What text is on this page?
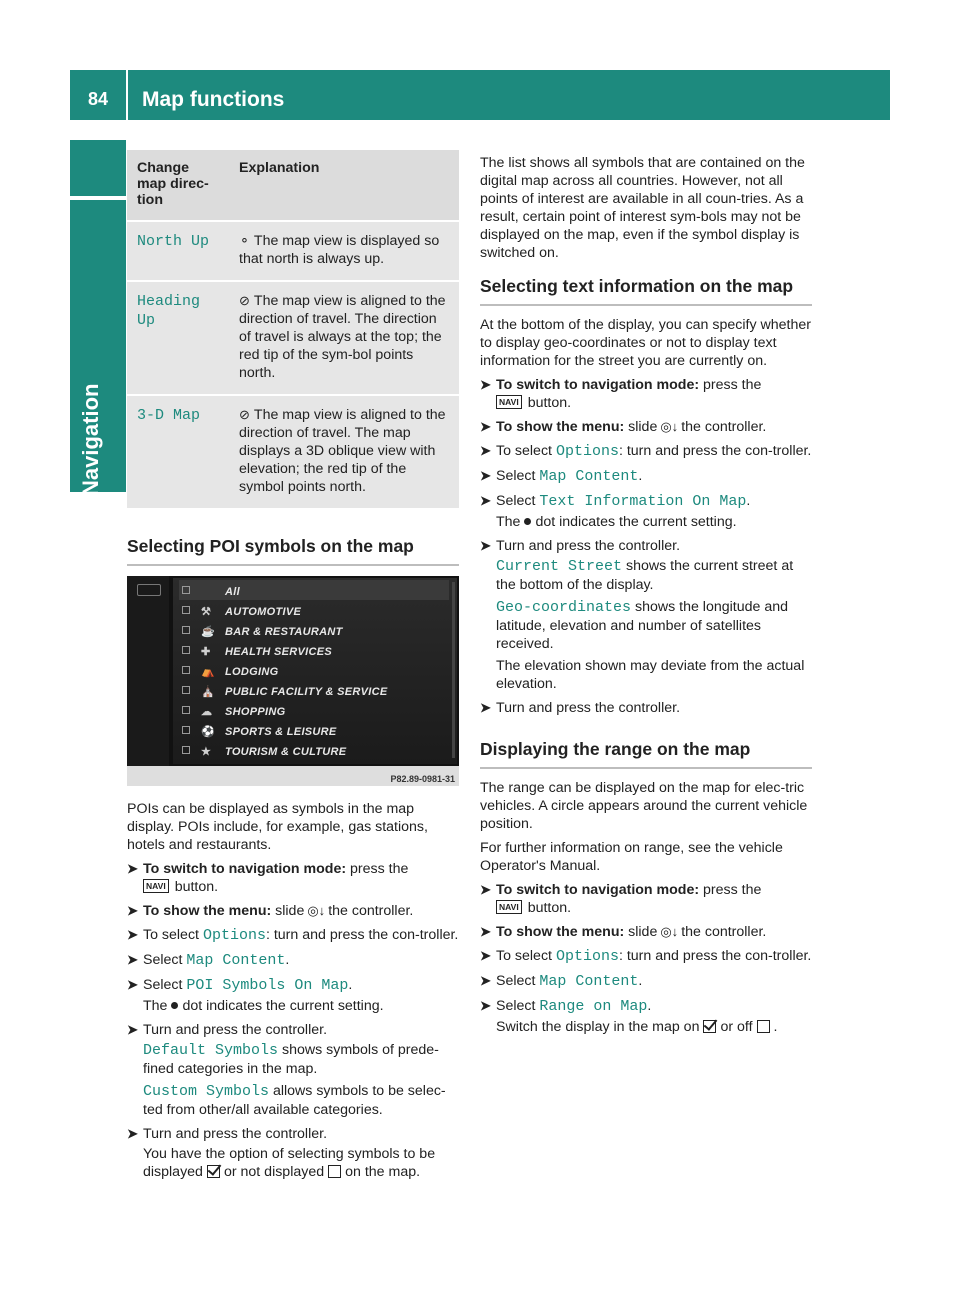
84	Map functions
Navigation
Change
map direc-
tion	Explanation
North Up	⚬ The map view is displayed so that north is always up.
Heading Up	⊘ The map view is aligned to the direction of travel. The direction of travel is always at the top; the red tip of the sym-bol points north.
3-D Map	⊘ The map view is aligned to the direction of travel. The map displays a 3D oblique view with elevation; the red tip of the symbol points north.
Selecting POI symbols on the map
All
⚒	AUTOMOTIVE
☕ BAR & RESTAURANT
✚	HEALTH SERVICES
⛺ LODGING
⛪ PUBLIC FACILITY & SERVICE
☁ SHOPPING
⚽ SPORTS & LEISURE
★	TOURISM & CULTURE
P82.89-0981-31
POIs can be displayed as symbols in the map display. POIs include, for example, gas stations, hotels and restaurants.
➤ To switch to navigation mode: press the
NAVI button.
➤ To show the menu: slide ◎↓ the controller.
➤ To select Options: turn and press the con-troller.
➤ Select Map Content.
➤ Select POI Symbols On Map.
The dot indicates the current setting.
➤ Turn and press the controller.
Default Symbols shows symbols of prede-fined categories in the map.
Custom Symbols allows symbols to be selec-ted from other/all available categories.
➤ Turn and press the controller.
You have the option of selecting symbols to be displayed or not displayed on the map.
The list shows all symbols that are contained on the digital map across all countries. However, not all points of interest are available in all coun-tries. As a result, certain point of interest sym-bols may not be displayed on the map, even if the symbol display is switched on.
Selecting text information on the map
At the bottom of the display, you can specify whether to display geo-coordinates or not to display text information for the street you are currently on.
➤ To switch to navigation mode: press the
NAVI button.
➤ To show the menu: slide ◎↓ the controller.
➤ To select Options: turn and press the con-troller.
➤ Select Map Content.
➤ Select Text Information On Map.
The dot indicates the current setting.
➤ Turn and press the controller.
Current Street shows the current street at the bottom of the display.
Geo-coordinates shows the longitude and latitude, elevation and number of satellites received.
The elevation shown may deviate from the actual elevation.
➤ Turn and press the controller.
Displaying the range on the map
The range can be displayed on the map for elec-tric vehicles. A circle appears around the current vehicle position.
For further information on range, see the vehicle Operator's Manual.
➤ To switch to navigation mode: press the
NAVI button.
➤ To show the menu: slide ◎↓ the controller.
➤ To select Options: turn and press the con-troller.
➤ Select Map Content.
➤ Select Range on Map.
Switch the display in the map on or off .
